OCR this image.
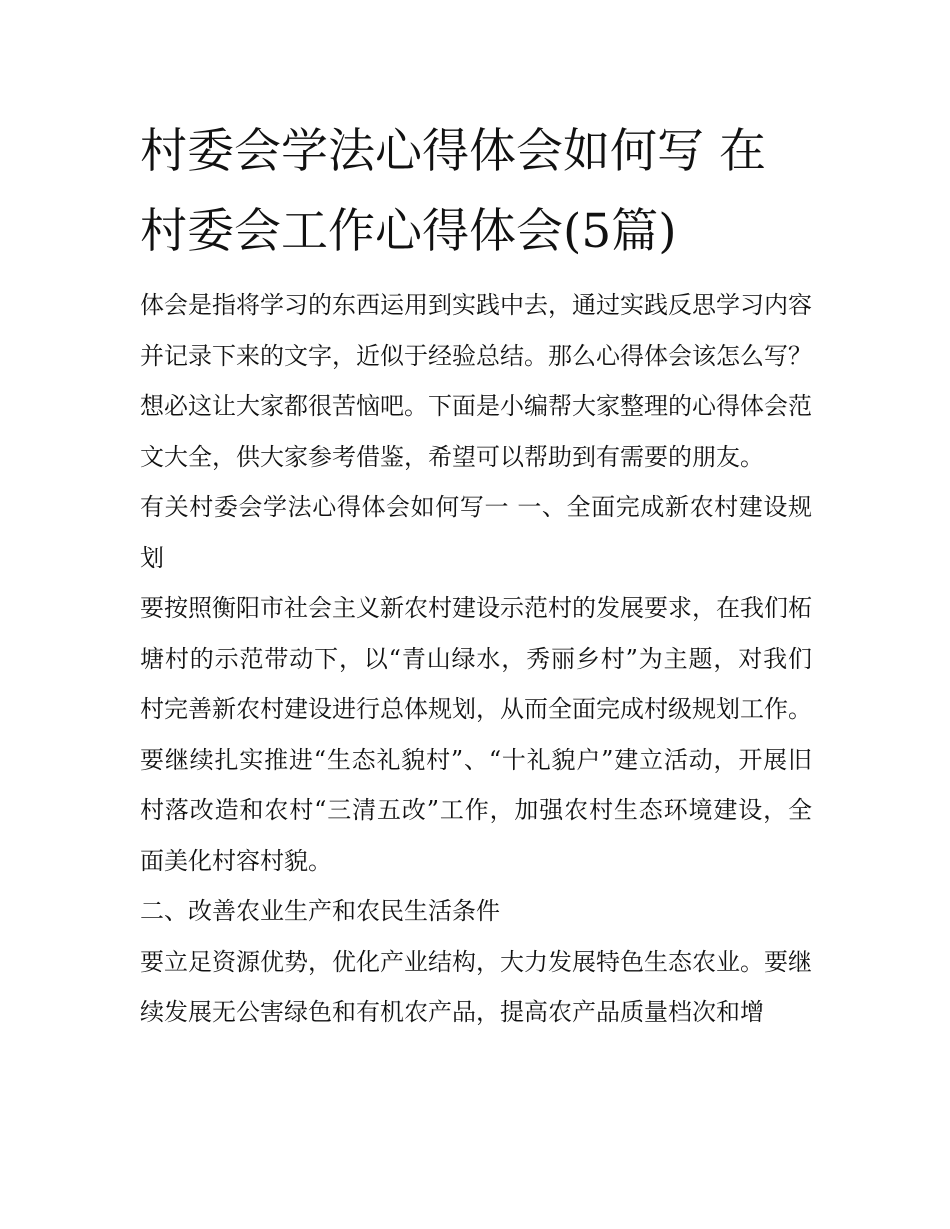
村委会学法心得体会如何写 在村委会工作心得体会(5篇)

体会是指将学习的东西运用到实践中去，通过实践反思学习内容并记录下来的文字，近似于经验总结。那么心得体会该怎么写？想必这让大家都很苦恼吧。下面是小编帮大家整理的心得体会范文大全，供大家参考借鉴，希望可以帮助到有需要的朋友。

有关村委会学法心得体会如何写一 一、全面完成新农村建设规划

要按照衡阳市社会主义新农村建设示范村的发展要求，在我们柘塘村的示范带动下，以“青山绿水，秀丽乡村”为主题，对我们村完善新农村建设进行总体规划，从而全面完成村级规划工作。要继续扎实推进“生态礼貌村”、“十礼貌户”建立活动，开展旧村落改造和农村“三清五改”工作，加强农村生态环境建设，全面美化村容村貌。

二、改善农业生产和农民生活条件

要立足资源优势，优化产业结构，大力发展特色生态农业。要继续发展无公害绿色和有机农产品，提高农产品质量档次和增
